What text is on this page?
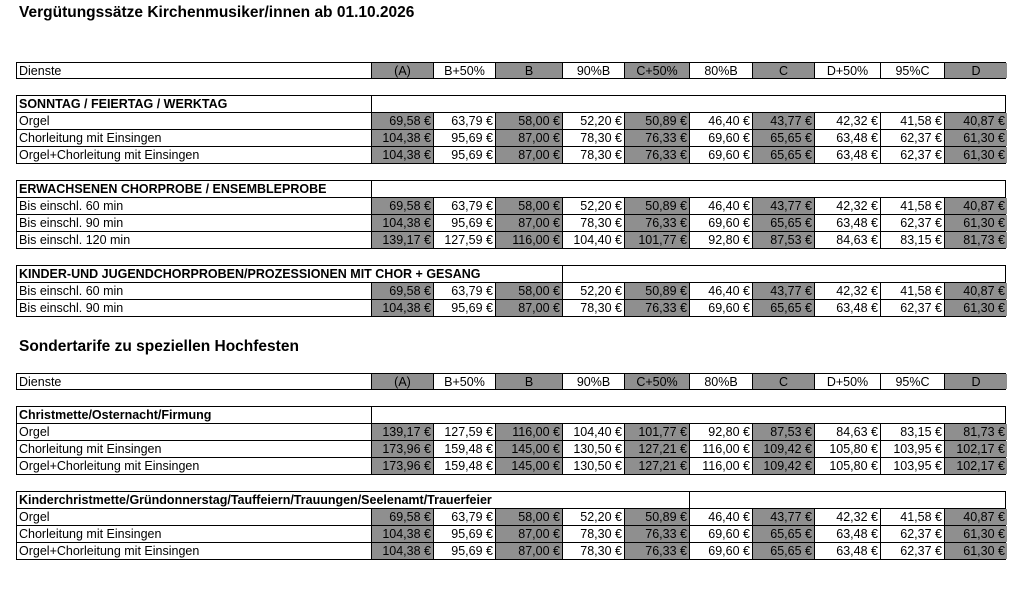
Vergütungssätze Kirchenmusiker/innen ab 01.10.2026
Sondertarife zu speziellen Hochfesten
Dienste	(A)	B+50%	B	90%B	C+50%	80%B	C	D+50%	95%C	D
SONNTAG / FEIERTAG / WERKTAG
Orgel	69,58 €	63,79 €	58,00 €	52,20 €	50,89 €	46,40 €	43,77 €	42,32 €	41,58 €	40,87 €
Chorleitung mit Einsingen	104,38 €	95,69 €	87,00 €	78,30 €	76,33 €	69,60 €	65,65 €	63,48 €	62,37 €	61,30 €
Orgel+Chorleitung mit Einsingen	104,38 €	95,69 €	87,00 €	78,30 €	76,33 €	69,60 €	65,65 €	63,48 €	62,37 €	61,30 €
ERWACHSENEN CHORPROBE / ENSEMBLEPROBE
Bis einschl. 60 min	69,58 €	63,79 €	58,00 €	52,20 €	50,89 €	46,40 €	43,77 €	42,32 €	41,58 €	40,87 €
Bis einschl. 90 min	104,38 €	95,69 €	87,00 €	78,30 €	76,33 €	69,60 €	65,65 €	63,48 €	62,37 €	61,30 €
Bis einschl. 120 min	139,17 €	127,59 €	116,00 €	104,40 €	101,77 €	92,80 €	87,53 €	84,63 €	83,15 €	81,73 €
KINDER-UND JUGENDCHORPROBEN/PROZESSIONEN MIT CHOR + GESANG
Bis einschl. 60 min	69,58 €	63,79 €	58,00 €	52,20 €	50,89 €	46,40 €	43,77 €	42,32 €	41,58 €	40,87 €
Bis einschl. 90 min	104,38 €	95,69 €	87,00 €	78,30 €	76,33 €	69,60 €	65,65 €	63,48 €	62,37 €	61,30 €
Dienste	(A)	B+50%	B	90%B	C+50%	80%B	C	D+50%	95%C	D
Christmette/Osternacht/Firmung
Orgel	139,17 €	127,59 €	116,00 €	104,40 €	101,77 €	92,80 €	87,53 €	84,63 €	83,15 €	81,73 €
Chorleitung mit Einsingen	173,96 €	159,48 €	145,00 €	130,50 €	127,21 €	116,00 €	109,42 €	105,80 €	103,95 €	102,17 €
Orgel+Chorleitung mit Einsingen	173,96 €	159,48 €	145,00 €	130,50 €	127,21 €	116,00 €	109,42 €	105,80 €	103,95 €	102,17 €
Kinderchristmette/Gründonnerstag/Tauffeiern/Trauungen/Seelenamt/Trauerfeier
Orgel	69,58 €	63,79 €	58,00 €	52,20 €	50,89 €	46,40 €	43,77 €	42,32 €	41,58 €	40,87 €
Chorleitung mit Einsingen	104,38 €	95,69 €	87,00 €	78,30 €	76,33 €	69,60 €	65,65 €	63,48 €	62,37 €	61,30 €
Orgel+Chorleitung mit Einsingen	104,38 €	95,69 €	87,00 €	78,30 €	76,33 €	69,60 €	65,65 €	63,48 €	62,37 €	61,30 €
